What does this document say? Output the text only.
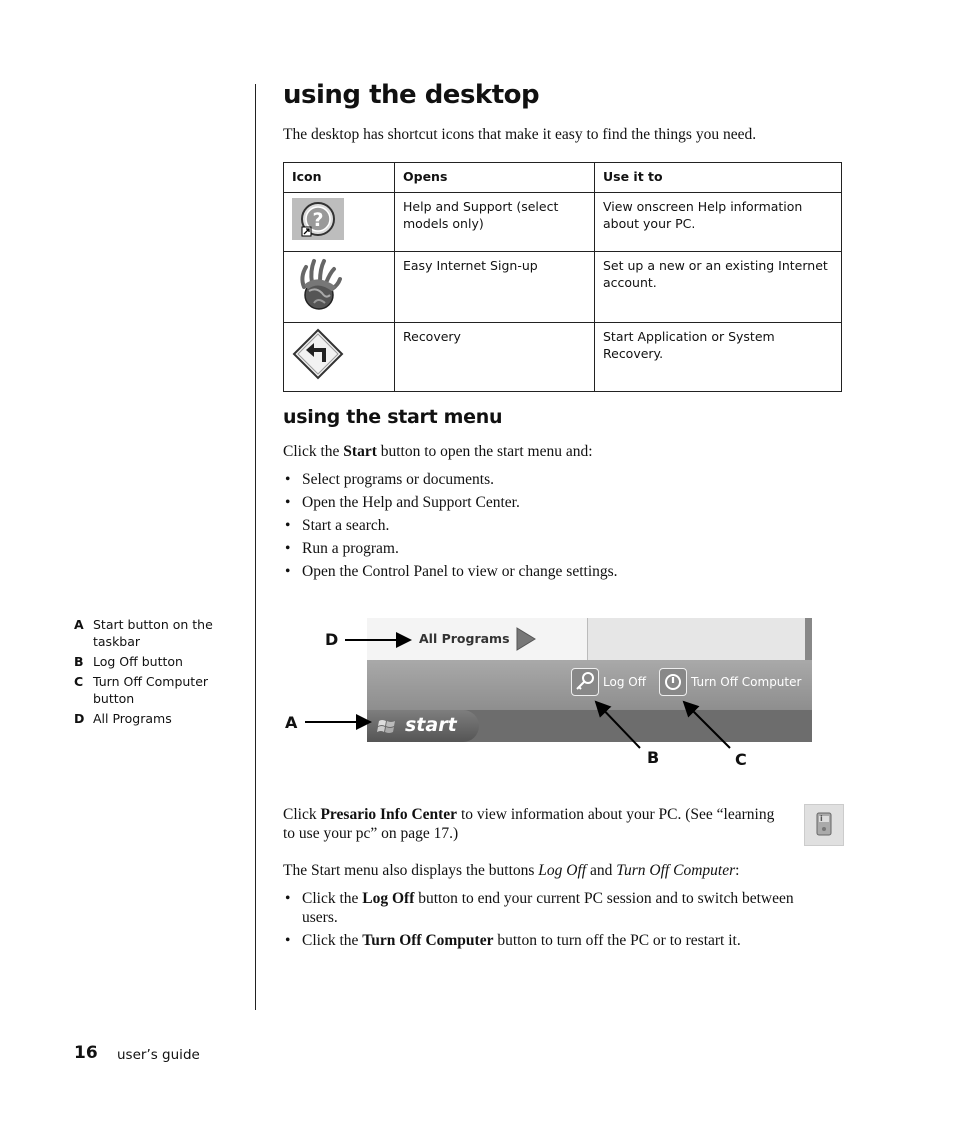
using the desktop
The desktop has shortcut icons that make it easy to find the things you need.
Icon	Opens	Use it to

?	Help and Support (select models only)	View onscreen Help information about your PC.
	Easy Internet Sign-up	Set up a new or an existing Internet account.
	Recovery	Start Application or System Recovery.
using the start menu
Click the Start button to open the start menu and:
• Select programs or documents.
• Open the Help and Support Center.
• Start a search.
• Run a program.
• Open the Control Panel to view or change settings.
A Start button on the taskbar
B Log Off button
C Turn Off Computer button
D All Programs
All Programs
Log Off	Turn Off Computer
start
D
A
B	C
Click Presario Info Center to view information about your PC. (See “learning to use your pc” on page 17.)
i
The Start menu also displays the buttons Log Off and Turn Off Computer:
• Click the Log Off button to end your current PC session and to switch between users.
• Click the Turn Off Computer button to turn off the PC or to restart it.
16 user’s guide
